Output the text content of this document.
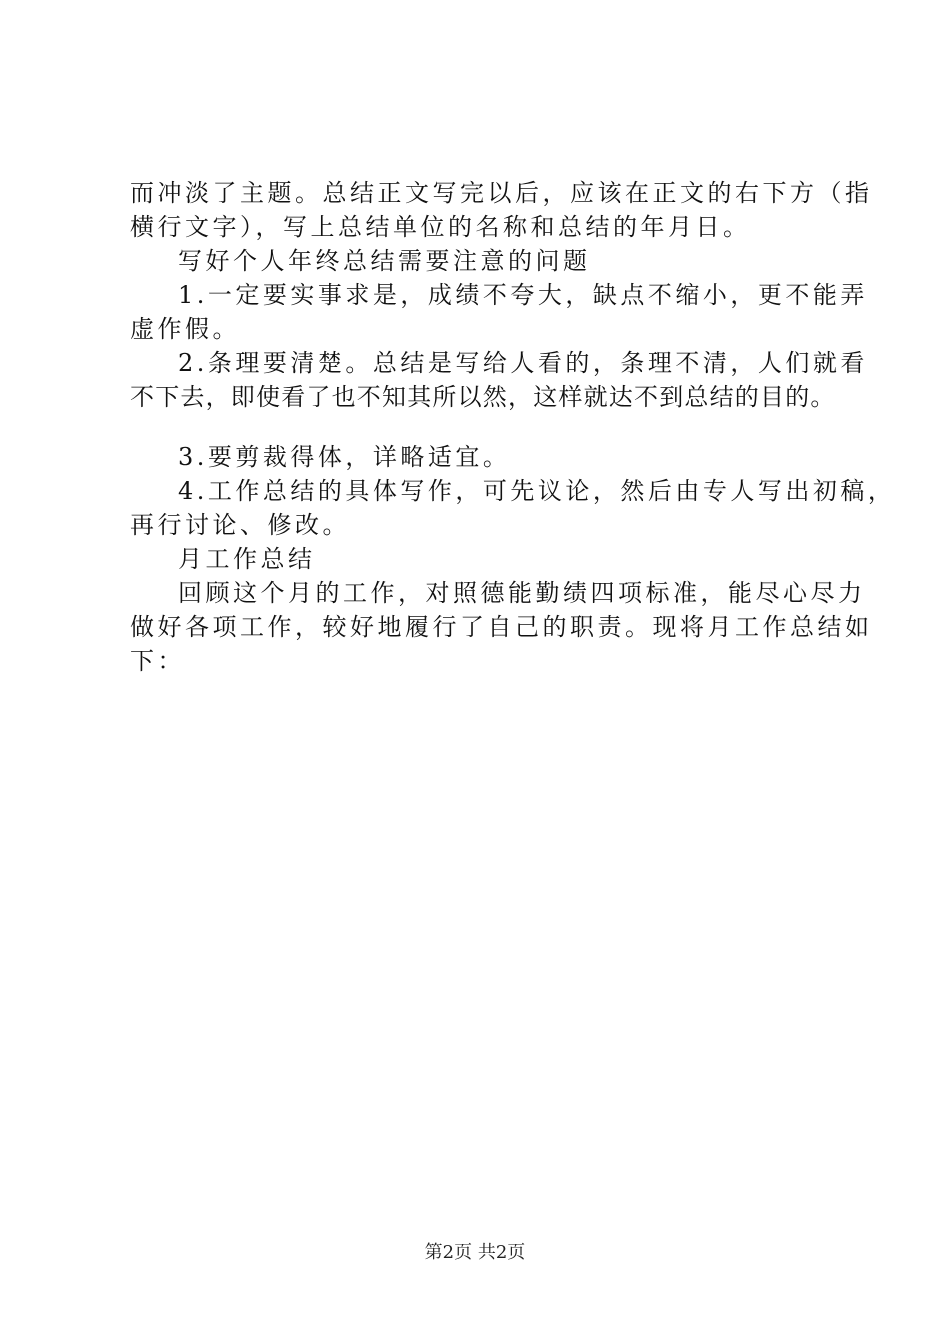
而冲淡了主题。总结正文写完以后，应该在正文的右下方（指
横行文字），写上总结单位的名称和总结的年月日。
写好个人年终总结需要注意的问题
1.一定要实事求是，成绩不夸大，缺点不缩小，更不能弄
虚作假。
2.条理要清楚。总结是写给人看的，条理不清，人们就看
不下去，即使看了也不知其所以然，这样就达不到总结的目的。
3.要剪裁得体，详略适宜。
4.工作总结的具体写作，可先议论，然后由专人写出初稿，
再行讨论、修改。
月工作总结
回顾这个月的工作，对照德能勤绩四项标准，能尽心尽力
做好各项工作，较好地履行了自己的职责。现将月工作总结如
下：
第2页 共2页
